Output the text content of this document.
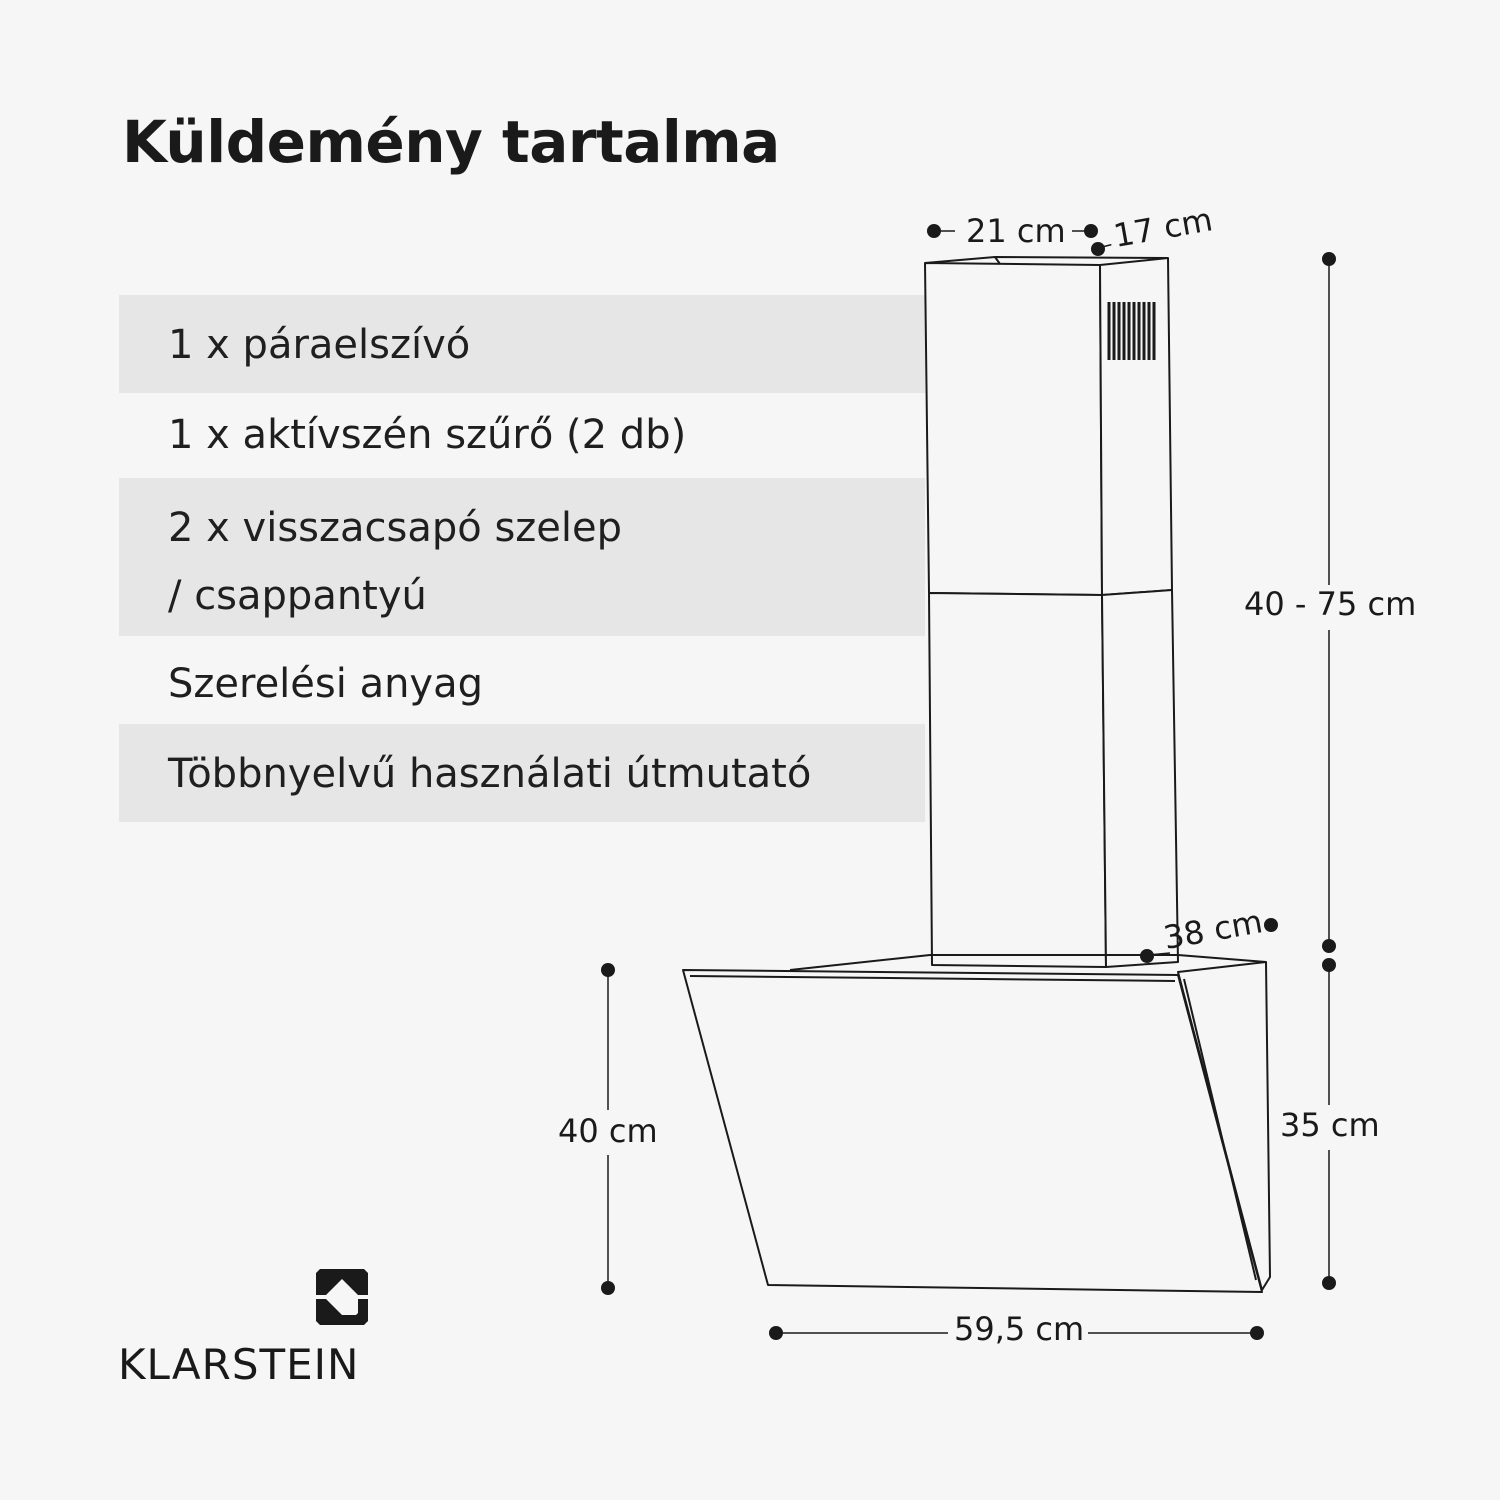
Küldemény tartalma
1 x páraelszívó
1 x aktívszén szűrő (2 db)
2 x visszacsapó szelep
/ csappantyú
Szerelési anyag
Többnyelvű használati útmutató
21 cm 17 cm
40 - 75 cm
38 cm
40 cm	35 cm
59,5 cm
KLARSTEIN
